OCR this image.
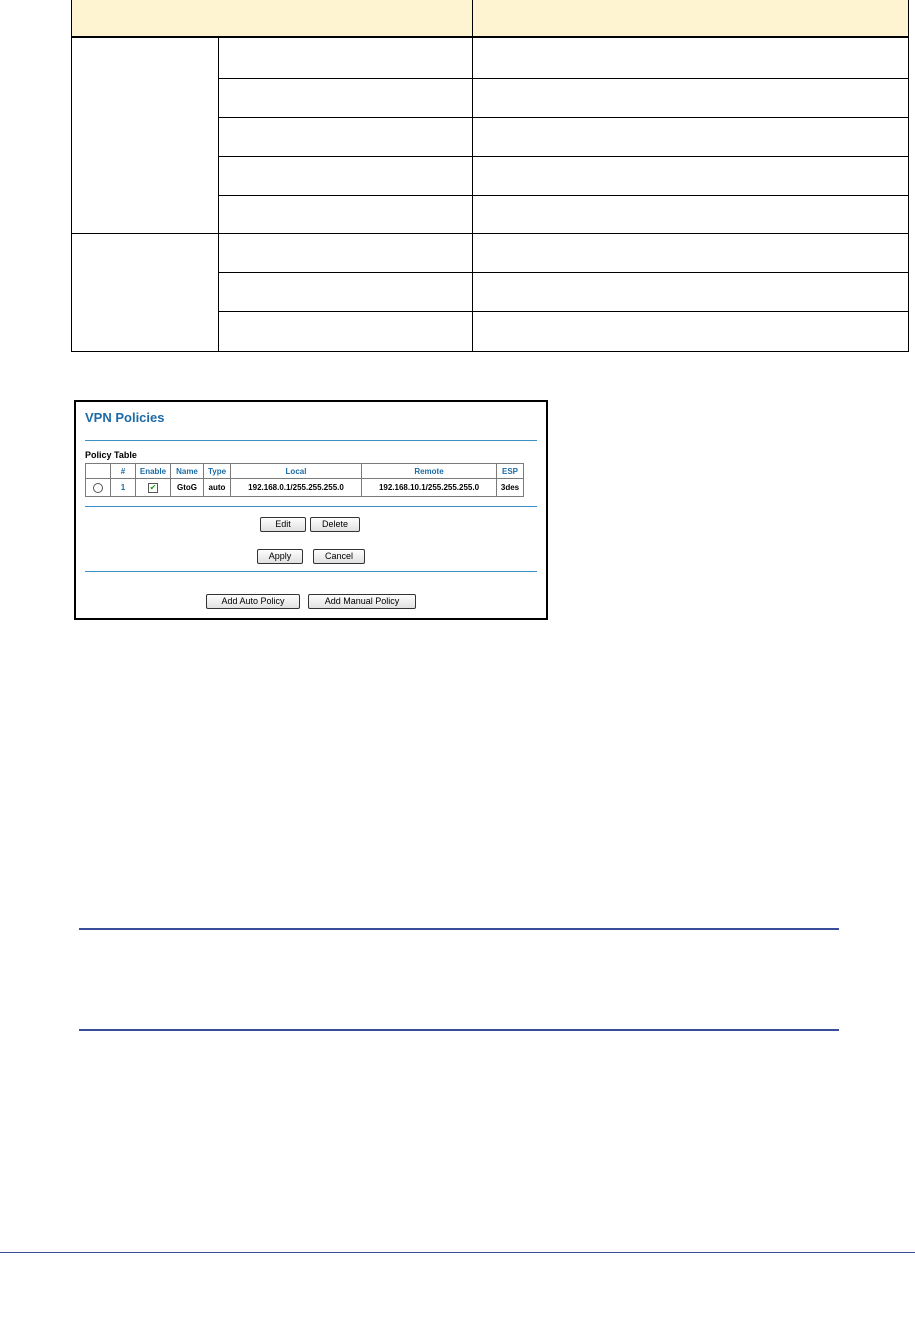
VPN Policies
Policy Table
	#	Enable	Name	Type	Local	Remote	ESP
	1	✔	GtoG	auto	192.168.0.1/255.255.255.0	192.168.10.1/255.255.255.0	3des
Edit	Delete
Apply	Cancel
Add Auto Policy	Add Manual Policy
